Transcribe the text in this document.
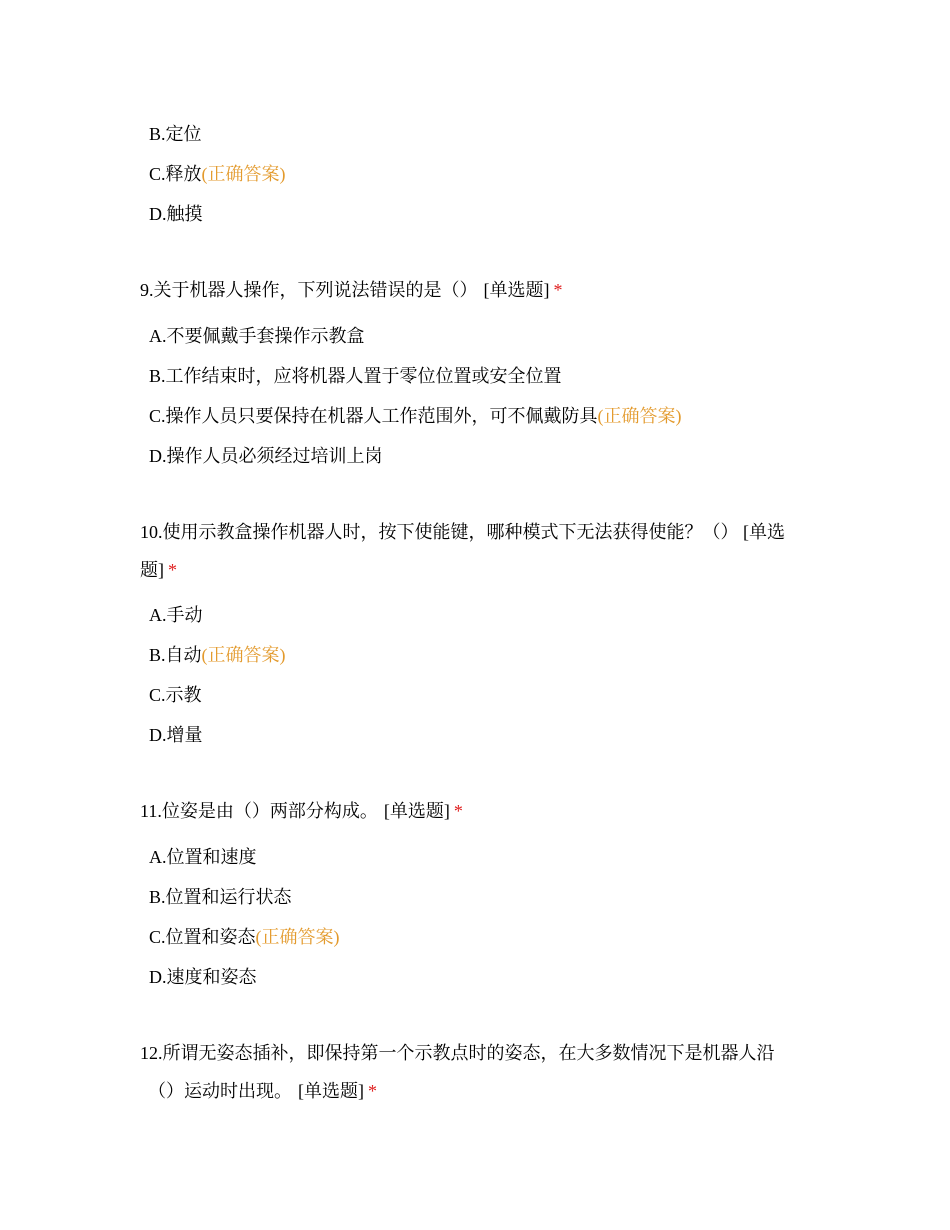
B.定位
C.释放(正确答案)
D.触摸

9.关于机器人操作，下列说法错误的是（） [单选题] *

A.不要佩戴手套操作示教盒
B.工作结束时，应将机器人置于零位位置或安全位置
C.操作人员只要保持在机器人工作范围外，可不佩戴防具(正确答案)
D.操作人员必须经过培训上岗

10.使用示教盒操作机器人时，按下使能键，哪种模式下无法获得使能？（） [单选

题] *

A.手动
B.自动(正确答案)
C.示教
D.增量

11.位姿是由（）两部分构成。 [单选题] *

A.位置和速度
B.位置和运行状态
C.位置和姿态(正确答案)
D.速度和姿态

12.所谓无姿态插补，即保持第一个示教点时的姿态，在大多数情况下是机器人沿

（）运动时出现。 [单选题] *
